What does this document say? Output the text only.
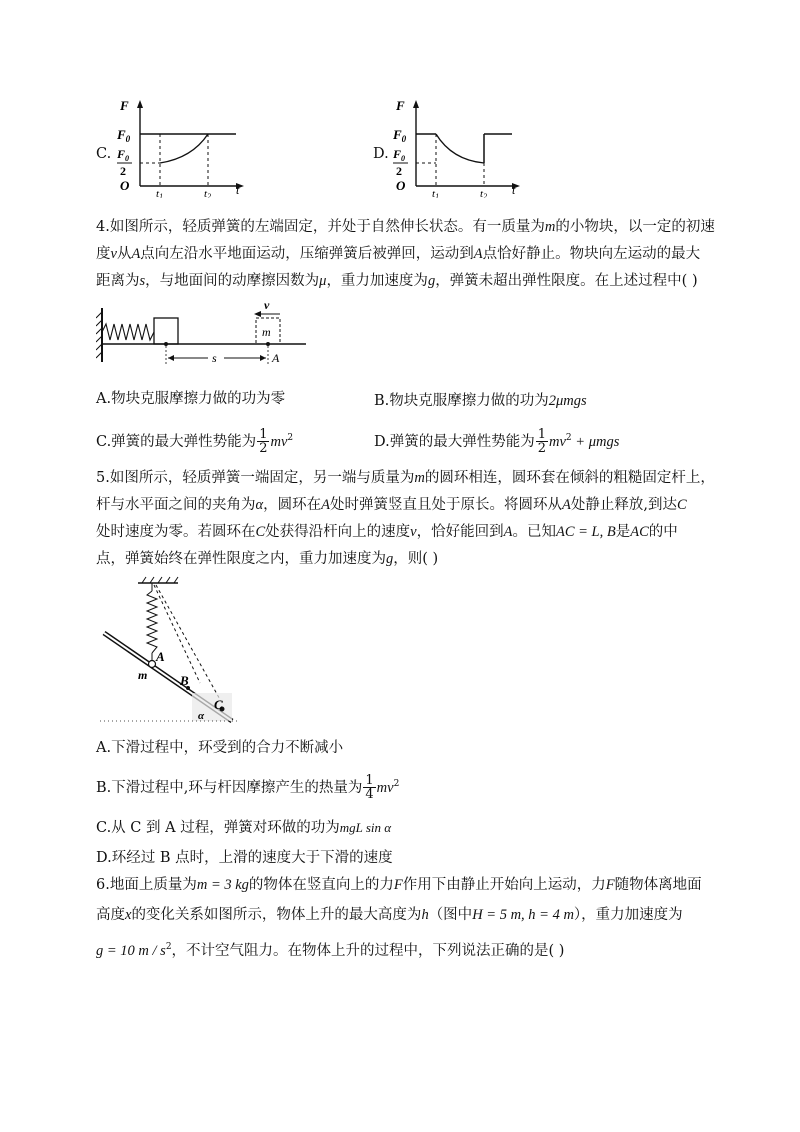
C.
F
$F_0$
$F_0$
2
O
t1	t2 t
D.
F
$F_0$
$F_0$
2
O
t1	t2 t
4.如图所示，轻质弹簧的左端固定，并处于自然伸长状态。有一质量为m的小物块，以一定的初速
度v从A点向左沿水平地面运动，压缩弹簧后被弹回，运动到A点恰好静止。物块向左运动的最大
距离为s，与地面间的动摩擦因数为μ，重力加速度为g，弹簧未超出弹性限度。在上述过程中( )
m
v
s	A
A.物块克服摩擦力做的功为零	B.物块克服摩擦力做的功为2μmgs
C.弹簧的最大弹性势能为 $\frac{1}{2} mv^2$	D.弹簧的最大弹性势能为 $\frac{1}{2} mv^2 + \mu mgs$
5.如图所示，轻质弹簧一端固定，另一端与质量为m的圆环相连，圆环套在倾斜的粗糙固定杆上，
杆与水平面之间的夹角为α，圆环在A处时弹簧竖直且处于原长。将圆环从A处静止释放,到达C
处时速度为零。若圆环在C处获得沿杆向上的速度v，恰好能回到A。已知AC = L, B是AC的中
点，弹簧始终在弹性限度之内，重力加速度为g，则( )
A
m	B
C
α
A.下滑过程中，环受到的合力不断减小
B.下滑过程中,环与杆因摩擦产生的热量为 $\frac{1}{4} mv^2$
C.从 C 到 A 过程，弹簧对环做的功为mgL sin α
D.环经过 B 点时，上滑的速度大于下滑的速度
6.地面上质量为m = 3 kg的物体在竖直向上的力F作用下由静止开始向上运动，力F随物体离地面
高度x的变化关系如图所示，物体上升的最大高度为h（图中H = 5 m, h = 4 m），重力加速度为
g = 10 m / $s^2$，不计空气阻力。在物体上升的过程中，下列说法正确的是( )
